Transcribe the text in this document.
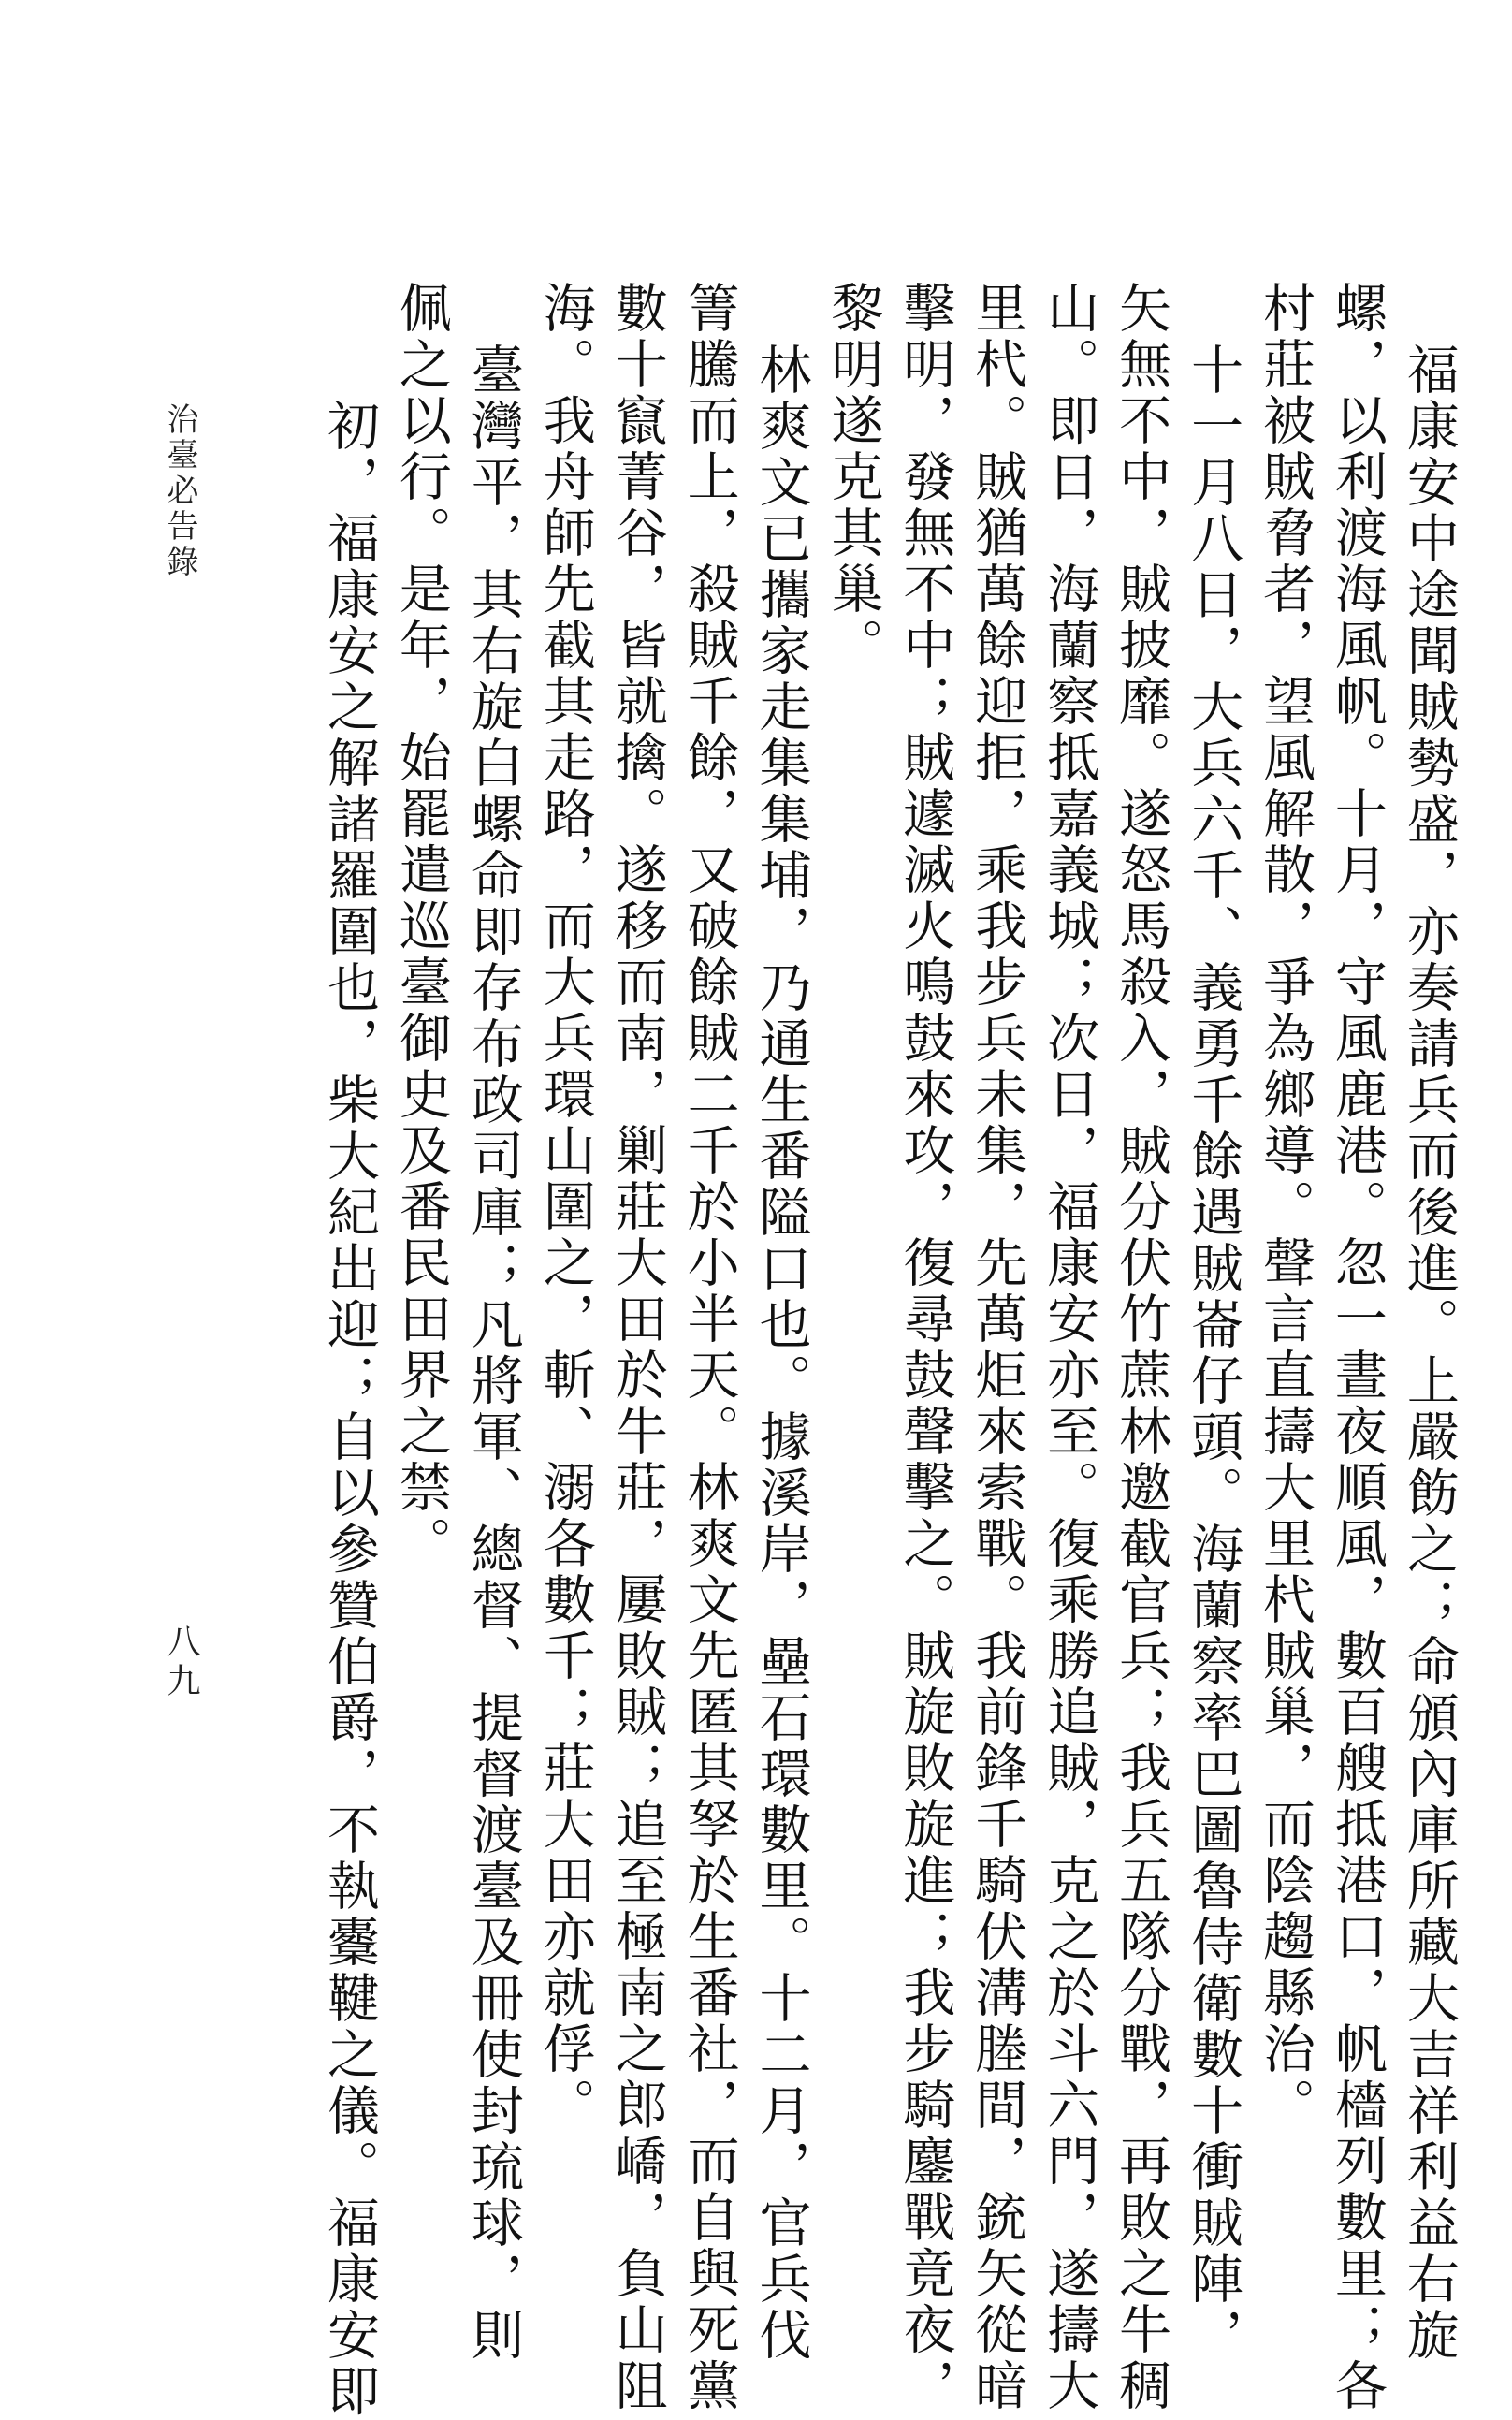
福康安中途聞賊勢盛，亦奏請兵而後進。上嚴飭之；命頒內庫所藏大吉祥利益右旋
螺，以利渡海風帆。十月，守風鹿港。忽一晝夜順風，數百艘抵港口，帆檣列數里；各
村莊被賊脅者，望風解散，爭為鄉導。聲言直擣大里杙賊巢，而陰趨縣治。
十一月八日，大兵六千、義勇千餘遇賊崙仔頭。海蘭察率巴圖魯侍衛數十衝賊陣，
矢無不中，賊披靡。遂怒馬殺入，賊分伏竹蔗林邀截官兵；我兵五隊分戰，再敗之牛稠
山。即日，海蘭察抵嘉義城；次日，福康安亦至。復乘勝追賊，克之於斗六門，遂擣大
里杙。賊猶萬餘迎拒，乘我步兵未集，先萬炬來索戰。我前鋒千騎伏溝塍間，銃矢從暗
擊明，發無不中；賊遽滅火鳴鼓來攻，復尋鼓聲擊之。賊旋敗旋進；我步騎鏖戰竟夜，
黎明遂克其巢。
林爽文已攜家走集集埔，乃通生番隘口也。據溪岸，壘石環數里。十二月，官兵伐
箐騰而上，殺賊千餘，又破餘賊二千於小半天。林爽文先匿其孥於生番社，而自與死黨
數十竄菁谷，皆就擒。遂移而南，剿莊大田於牛莊，屢敗賊；追至極南之郎嶠，負山阻
海。我舟師先截其走路，而大兵環山圍之，斬、溺各數千；莊大田亦就俘。
臺灣平，其右旋白螺命即存布政司庫；凡將軍、總督、提督渡臺及冊使封琉球，則
佩之以行。是年，始罷遣巡臺御史及番民田界之禁。
初，福康安之解諸羅圍也，柴大紀出迎；自以參贊伯爵，不執櫜鞬之儀。福康安即
治臺必告錄
八九
